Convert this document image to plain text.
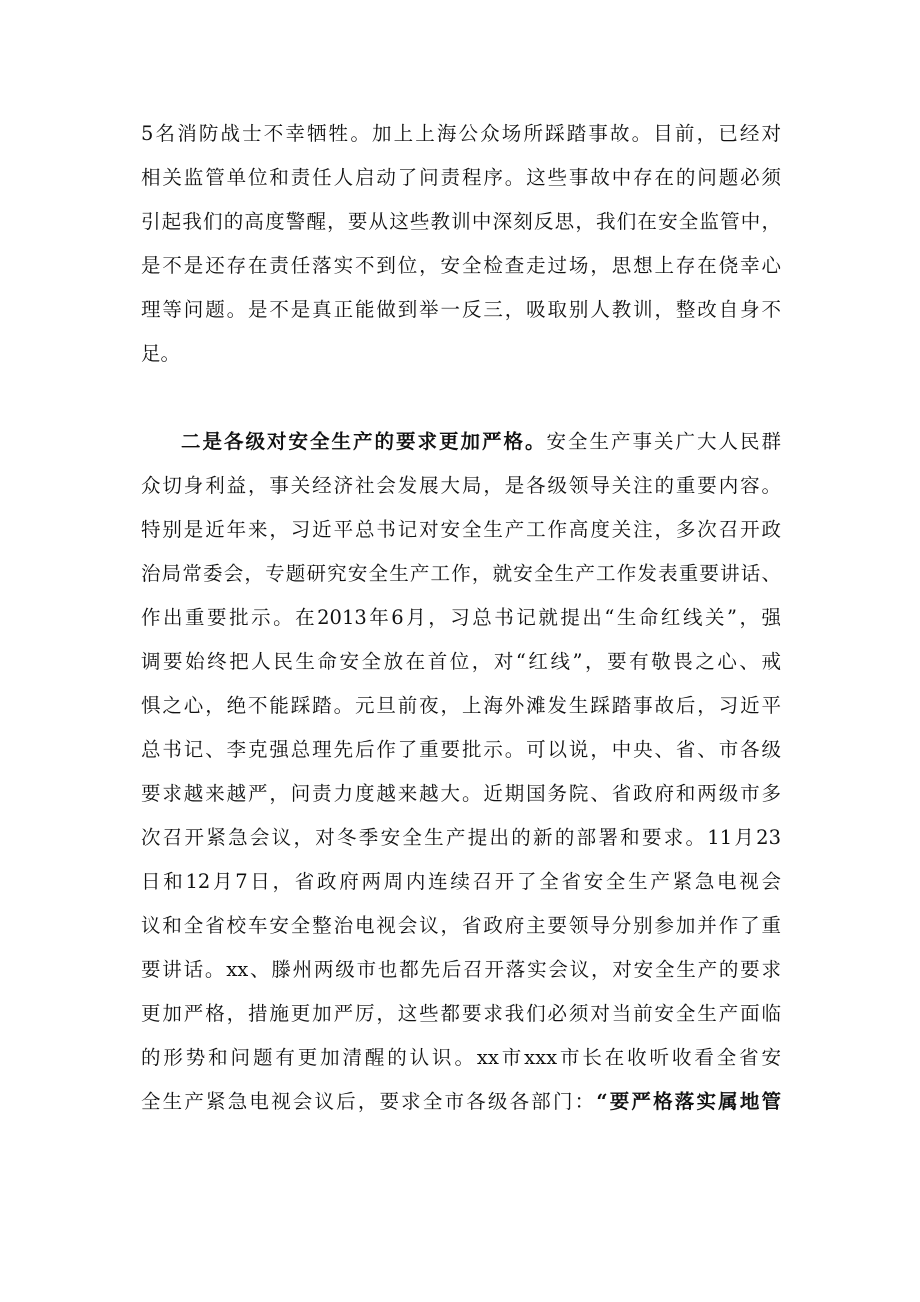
5名消防战士不幸牺牲。加上上海公众场所踩踏事故。目前，已经对
相关监管单位和责任人启动了问责程序。这些事故中存在的问题必须
引起我们的高度警醒，要从这些教训中深刻反思，我们在安全监管中，
是不是还存在责任落实不到位，安全检查走过场，思想上存在侥幸心
理等问题。是不是真正能做到举一反三，吸取别人教训，整改自身不
足。
二是各级对安全生产的要求更加严格。安全生产事关广大人民群
众切身利益，事关经济社会发展大局，是各级领导关注的重要内容。
特别是近年来，习近平总书记对安全生产工作高度关注，多次召开政
治局常委会，专题研究安全生产工作，就安全生产工作发表重要讲话、
作出重要批示。在2013年6月，习总书记就提出“生命红线关”，强
调要始终把人民生命安全放在首位，对“红线”，要有敬畏之心、戒
惧之心，绝不能踩踏。元旦前夜，上海外滩发生踩踏事故后，习近平
总书记、李克强总理先后作了重要批示。可以说，中央、省、市各级
要求越来越严，问责力度越来越大。近期国务院、省政府和两级市多
次召开紧急会议，对冬季安全生产提出的新的部署和要求。11月23
日和12月7日，省政府两周内连续召开了全省安全生产紧急电视会
议和全省校车安全整治电视会议，省政府主要领导分别参加并作了重
要讲话。xx、滕州两级市也都先后召开落实会议，对安全生产的要求
更加严格，措施更加严厉，这些都要求我们必须对当前安全生产面临
的形势和问题有更加清醒的认识。xx市xxx市长在收听收看全省安
全生产紧急电视会议后，要求全市各级各部门：“要严格落实属地管
